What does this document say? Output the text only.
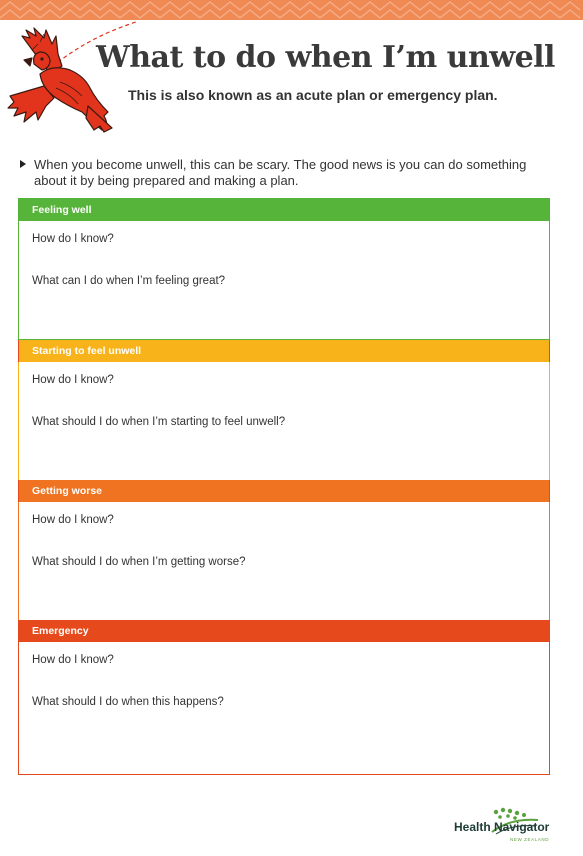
What to do when I’m unwell
This is also known as an acute plan or emergency plan.
When you become unwell, this can be scary. The good news is you can do something about it by being prepared and making a plan.
Feeling well
How do I know?
What can I do when I’m feeling great?
Starting to feel unwell
How do I know?
What should I do when I’m starting to feel unwell?
Getting worse
How do I know?
What should I do when I’m getting worse?
Emergency
How do I know?
What should I do when this happens?
Health Navigator
NEW ZEALAND
